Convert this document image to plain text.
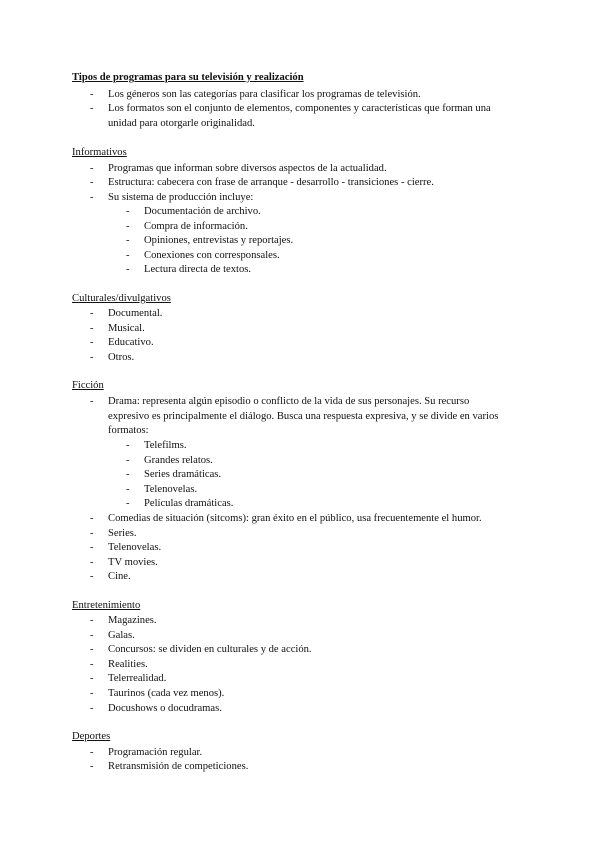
Tipos de programas para su televisión y realización
- Los géneros son las categorías para clasificar los programas de televisión.
- Los formatos son el conjunto de elementos, componentes y características que forman una unidad para otorgarle originalidad.
Informativos
- Programas que informan sobre diversos aspectos de la actualidad.
- Estructura: cabecera con frase de arranque - desarrollo - transiciones - cierre.
- Su sistema de producción incluye:
- Documentación de archivo.
- Compra de información.
- Opiniones, entrevistas y reportajes.
- Conexiones con corresponsales.
- Lectura directa de textos.
Culturales/divulgativos
- Documental.
- Musical.
- Educativo.
- Otros.
Ficción
- Drama: representa algún episodio o conflicto de la vida de sus personajes. Su recurso expresivo es principalmente el diálogo. Busca una respuesta expresiva, y se divide en varios formatos:
- Telefilms.
- Grandes relatos.
- Series dramáticas.
- Telenovelas.
- Películas dramáticas.
- Comedias de situación (sitcoms): gran éxito en el público, usa frecuentemente el humor.
- Series.
- Telenovelas.
- TV movies.
- Cine.
Entretenimiento
- Magazines.
- Galas.
- Concursos: se dividen en culturales y de acción.
- Realities.
- Telerrealidad.
- Taurinos (cada vez menos).
- Docushows o docudramas.
Deportes
- Programación regular.
- Retransmisión de competiciones.
